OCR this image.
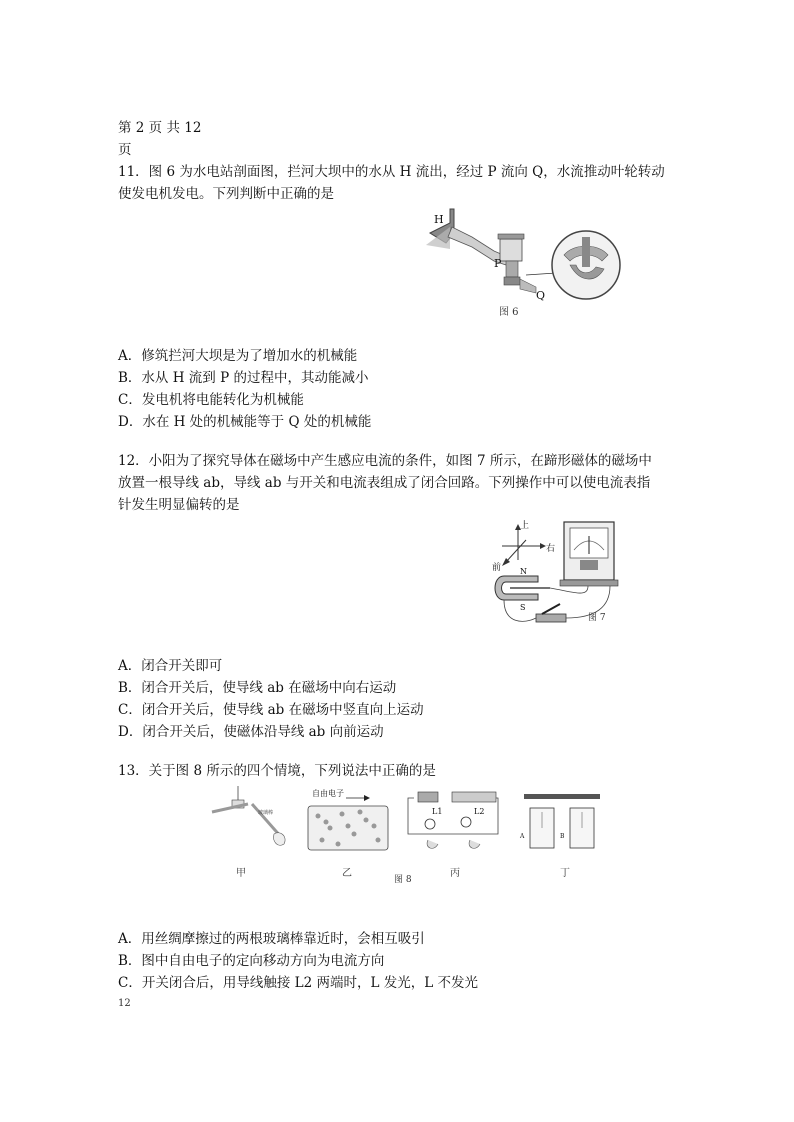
第 2 页 共 12
页
11．图 6 为水电站剖面图，拦河大坝中的水从 H 流出，经过 P 流向 Q，水流推动叶轮转动
使发电机发电。下列判断中正确的是
H
P
Q
图 6
A．修筑拦河大坝是为了增加水的机械能
B．水从 H 流到 P 的过程中，其动能减小
C．发电机将电能转化为机械能
D．水在 H 处的机械能等于 Q 处的机械能
12．小阳为了探究导体在磁场中产生感应电流的条件，如图 7 所示，在蹄形磁体的磁场中
放置一根导线 ab，导线 ab 与开关和电流表组成了闭合回路。下列操作中可以使电流表指
针发生明显偏转的是
上
右
前 N
S
图 7
A．闭合开关即可
B．闭合开关后，使导线 ab 在磁场中向右运动
C．闭合开关后，使导线 ab 在磁场中竖直向上运动
D．闭合开关后，使磁体沿导线 ab 向前运动
13．关于图 8 所示的四个情境，下列说法中正确的是
玻璃棒
甲
自由电子
乙
L1	L2
丙
A	B
丁
图 8
A．用丝绸摩擦过的两根玻璃棒靠近时，会相互吸引
B．图中自由电子的定向移动方向为电流方向
C．开关闭合后，用导线触接 L2 两端时，L 发光，L 不发光
12
